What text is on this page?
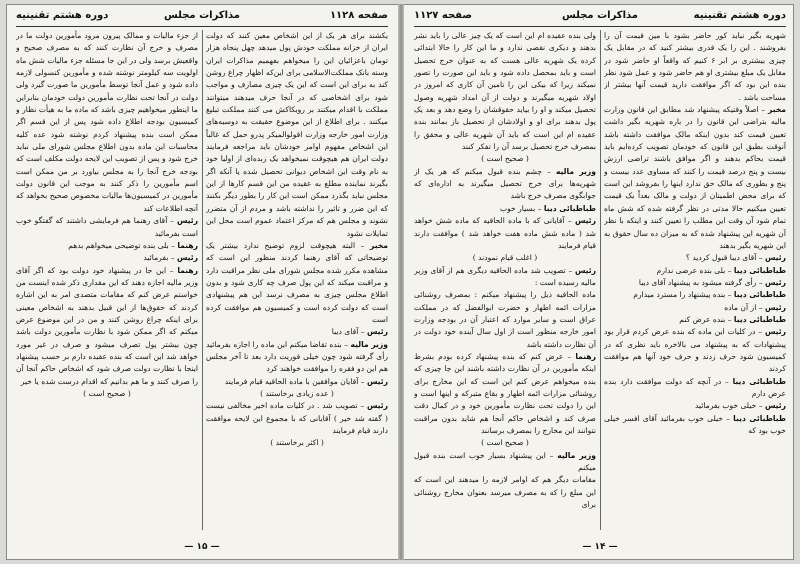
صفحه ۱۱۲۸
مذاکرات مجلس
دوره هشتم تقنینیه

یکشند برای هر یک از این اشخاص معین کنند که دولت ایران از خزانه مملکت خودش پول میدهد چهل پنجاه هزار تومان باعزائیان این را میخواهم بفهمیم مذاکرات ایران وسنه بانک مملکت‌الاسلامی برای این‌که اظهار چراغ روشن کند به برای این است که این یک چیزی مصارف و مواجب شود برای اشخاصی که در آنجا حرف میدهند میتوانند مملکت با اقدام میکنند بر رویکاکش می کنند مملکت تبلیغ میکنند . برای اطلاع از این موضوع حقیقت به دوسیه‌های وزارت امور خارجه وزارت اقولوالمیکر پدرو حمل که غالباً این اشخاص مفهوم اوامر خودشان باید مراجعه فرمایند دولت ایران هم هیچوقت نمیخواهد یک زبده‌ای از اولیا خود به نام وقت این اشخاص دیوانی تحصیل شده یا آنکه اگر بگیرند نماینده مطلع به عقیده من این قسم کارها از این مجلس نباید بگذرد ممکن است این کار را بطور دیگر بکنند که این ضرر و تاثیر را نداشته باشد و مردم از آن متضرر نشوند و مجلس هم که مرکز اعتماد عموم است محل این تمایلات نشود

مخبر – البته هیچوقت لزوم توضیح ندارد بیشتر یک توضیحاتی که آقای رهنما کردند منظور این است که مشاهده مکرر شده مجلس شورای ملی نظر مراقبت دارد و مراقبت میکند که این پول صرف چه کاری شود و بدون اطلاع مجلس چیزی به مصرف نرسد این هم پیشنهادی است که دولت کرده است و کمیسیون هم موافقت کرده است

رئیس – آقای دیبا

وزیر مالیه – بنده تقاضا میکنم این ماده را اجازه بفرمائید رأی گرفته شود چون خیلی فوریت دارد بعد تا آخر مجلس هم این دو فقره را موافقت خواهند کرد

رئیس – آقایان موافقین با ماده الحاقیه قیام فرمایند

( عده زیادی برخاستند )

رئیس – تصویب شد . در کلیات ماده اخیر مخالفی نیست ( گفته شد خیر ) آقایانی که با مجموع این لایحه موافقت دارند قیام فرمایند

( اکثر برخاستند )

از جزء مالیات و ممالک پیرون مرود مأمورین دولت ما در مصرف و خرج آن نظارت کنند که به مصرف صحیح و واقعیش برسد ولی در این جا مسئله جزء مالیات شش ماه اولویت سه کیلومتر نوشته شده و مأمورین کنسولی لازمه داده شود و عمل آنجا توسط مأمورین ما صورت گیرد ولی دولت در آنجا تحت نظارت مأمورین دولت خودمان بنابراین ما اینطور میخواهیم چیزی باشد که ماده ما به هیأت نظار و کمیسیون بودجه اطلاع داده شود پس از این قسم اگر ممکن است بنده پیشنهاد کردم نوشته شود عده کلیه محاسبات این ماده بدون اطلاع مجلس شورای ملی نباید خرج شود و پس از تصویب این لایحه دولت مکلف است که بودجه خرج آنجا را به مجلس بیاورد بر من ممکن است اسم مأمورین را ذکر کنند به موجب این قانون دولت مأمورین در کمیسیون‌ها مالیات مخصوص صحیح بخواهد که آنچه اطلاعات کند

رئیس – آقای رهنما هم فرمایشی داشتند که گفتگو خوب است بفرمائید

رهنما – بلی بنده توضیحی میخواهم بدهم

رئیس – بفرمائید

رهنما – این جا در پیشنهاد خود دولت بود که اگر آقای وزیر مالیه اجازه دهند که این مقداری ذکر شده اینست من خواستم عرض کنم که مقامات متصدی امر به این اشاره کردند که حقوق‌ها از این قبیل بدهند به اشخاص معینی برای اینکه چراغ روشن کنند و من در این موضوع عرض میکنم که اگر ممکن شود با نظارت مأمورین دولت باشد چون بیشتر پول تصرف میشود و صرف در غیر مورد خواهد شد این است که بنده عقیده دارم بر حسب پیشنهاد اینجا با نظارت دولت صرف شود که اشخاص حاکم آنجا آن را صرف کنند و ما هم بدانیم که اقدام درست شده یا خیر

( صحیح است )

— ۱۵ —
صفحه ۱۱۲۷	مذاکرات مجلس	دوره هشتم تقنینیه

شهریه بگیر نباید کور حاضر بشود با مین قیمت آن را بفروشند . این را یک قدری بیشتر کنید که در مقابل یک چیزی بیشتری بر ابر ۶ کنیم که واقعاً او حاضر شود در مقابل یک مبلغ بیشتری او هم حاضر شود و عمل شود نظر بنده این بود که اگر موافقت دارید قیمت آنها بیشتر از مساحت باشد .

مخبر – اصلاً وقتیکه پیشنهاد شد مطابق این قانون وزارت مالیه بتراضی این قانون را در باره شهریه بگیر داشت تعیین قیمت کند بدون اینکه مالک موافقت داشته باشد آنوقت بطبق این قانون که خودمان تصویب کرده‌ایم باید قیمت بحاکم بدهند و اگر موافق باشند تراضی ارزش بیست و پنج درصد قیمت را کنند که مساوی عدد بیست و پنج و بطوری که مالک حق ندارد اینها را بفروشد این است که برای محض اطمینان از دولت و مالک بعداً یک قیمت تعیین میکنیم حالا مدتی در نظر گرفته شده که شش ماه تمام شود آن وقت این مطلب را تعیین کنند و اینکه با نظر آن شهریه این پیشنهاد شده که به میزان ده سال حقوق به این شهریه بگیر بدهند

رئیس – آقای دیبا قبول کردید ؟

طباطبائی دیبا – بلی بنده عرضی ندارم

رئیس – رأی گرفته میشود به پیشنهاد آقای دیبا

طباطبائی دیبا – بنده پیشنهاد را مسترد میدارم

رئیس – از آن ماده

طباطبائی دیبا – بنده عرض کنم

رئیس – در کلیات این ماده که بنده عرض کردم قرار بود پیشنهادات که به پیشنهاد می بالاخره باید نظری که در کمیسیون شود حرف زدند و حرف خود آنها هم موافقت کردند

طباطبائی دیبا – در آنچه که دولت موافقت دارد بنده عرض دارم

رئیس – خیلی خوب بفرمائید

طباطبائی دیبا – خیلی خوب بفرمائید آقای افسر خیلی خوب بود که

ولی بنده عقیده ام این است که یک چیز عالی را باید نشر بدهند و دیکری نقصی ندارد و ما این کار را حالا ابتدائی کرده یک شهریه عالی هست که به عنوان خرج تحصیل است و باید بمحصل داده شود و باید این صورت را تصور نمیکند زیرا که بیکی این را تامین آن کاری که امروز در اولاد شهریه میگیرند و دولت از آن امداد شهریه وصول تحصیل میکند و او را بیاید حقوقشان را وضع دهد و بعد یک پول بدهند برای او و اولادشان از تحصیل باز بمانند بنده عقیده ام این است که باید آن شهریه عالی و محقق را بمصرف خرج تحصیل برسد آن را تفکر کنند

( صحیح است )

وزیر مالیه – چشم بنده قبول میکنم که هر یک از شهریه‌ها برای خرج تحصیل میگیرند به اداره‌ای که جوابگوی مصرف خرج باشد

طباطبائی دیبا – بسیار خوب

رئیس – آقایانی که با ماده الحاقیه که ماده شش خواهد شد ( ماده شش ماده هفت خواهد شد ) موافقت دارند قیام فرمایند

( اغلب قیام نمودند )

رئیس – تصویب شد ماده الحاقیه دیگری هم از آقای وزیر مالیه رسیده است :

ماده الحاقیه ذیل را پیشنهاد میکنم : بمصرف روشنائی مزارات ائمه اطهار و حضرت ابوالفضل که در مملکت عراق است و سایر موارد که اعتبار آن در بودجه وزارت امور خارجه منظور است از اول سال آینده خود دولت در آن نظارت داشته باشد

رهنما – عرض کنم که بنده پیشنهاد کرده بودم بشرط اینکه مأمورین در آن نظارت داشته باشند این جا چیزی که بنده میخواهم عرض کنم این است که این مخارج برای روشنائی مزارات ائمه اطهار و بقاع متبرکه و اینها است و این را دولت تحت نظارت مأمورین خود و در کمال دقت صرف کند و اشخاص حاکم آنجا هم شاید بدون مراقبت نتوانند این مخارج را بمصرف برسانند

( صحیح است )

وزیر مالیه – این پیشنهاد بسیار خوب است بنده قبول میکنم

مقامات دیگر هم که اوامر لازمه را میدهند این است که این مبلغ را که به مصرف میرسد بعنوان مخارج روشنائی برای

— ۱۴ —
